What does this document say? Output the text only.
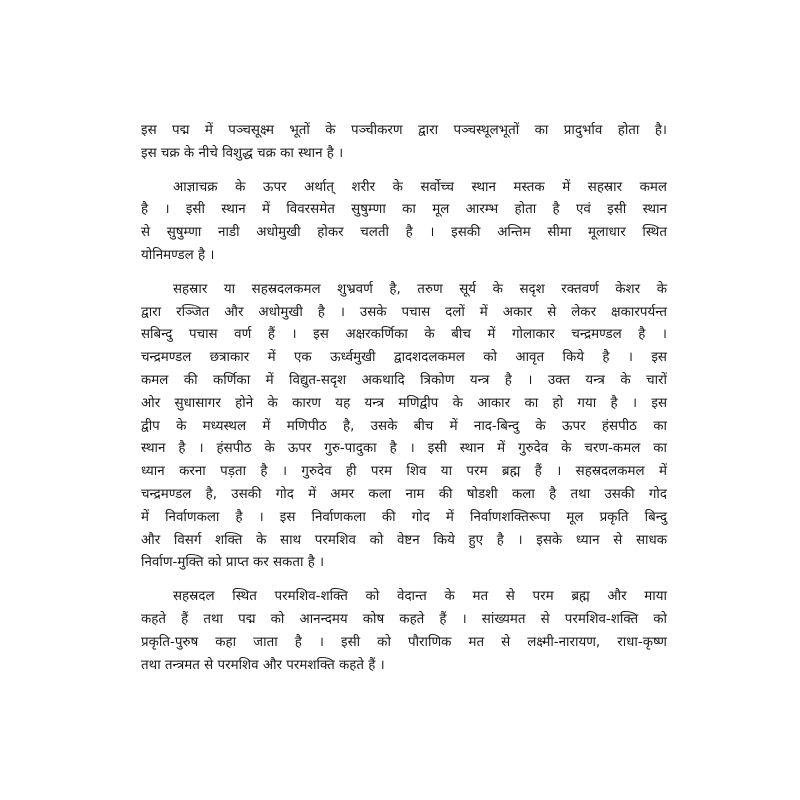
इस पद्म में पञ्चसूक्ष्म भूतों के पञ्चीकरण द्वारा पञ्चस्थूलभूतों का प्रादुर्भाव होता है।
इस चक्र के नीचे विशुद्ध चक्र का स्थान है ।

आज्ञाचक्र के ऊपर अर्थात् शरीर के सर्वोच्च स्थान मस्तक में सहस्रार कमल
है । इसी स्थान में विवरसमेत सुषुम्णा का मूल आरम्भ होता है एवं इसी स्थान
से सुषुम्णा नाडी अधोमुखी होकर चलती है । इसकी अन्तिम सीमा मूलाधार स्थित
योनिमण्डल है ।

सहस्रार या सहस्रदलकमल शुभ्रवर्ण है, तरुण सूर्य के सदृश रक्तवर्ण केशर के
द्वारा रञ्जित और अधोमुखी है । उसके पचास दलों में अकार से लेकर क्षकारपर्यन्त
सबिन्दु पचास वर्ण हैं । इस अक्षरकर्णिका के बीच में गोलाकार चन्द्रमण्डल है ।
चन्द्रमण्डल छत्राकार में एक ऊर्ध्वमुखी द्वादशदलकमल को आवृत किये है । इस
कमल की कर्णिका में विद्युत-सदृश अकथादि त्रिकोण यन्त्र है । उक्त यन्त्र के चारों
ओर सुधासागर होने के कारण यह यन्त्र मणिद्वीप के आकार का हो गया है । इस
द्वीप के मध्यस्थल में मणिपीठ है, उसके बीच में नाद-बिन्दु के ऊपर हंसपीठ का
स्थान है । हंसपीठ के ऊपर गुरु-पादुका है । इसी स्थान में गुरुदेव के चरण-कमल का
ध्यान करना पड़ता है । गुरुदेव ही परम शिव या परम ब्रह्म हैं । सहस्रदलकमल में
चन्द्रमण्डल है, उसकी गोद में अमर कला नाम की षोडशी कला है तथा उसकी गोद
में निर्वाणकला है । इस निर्वाणकला की गोद में निर्वाणशक्तिरूपा मूल प्रकृति बिन्दु
और विसर्ग शक्ति के साथ परमशिव को वेष्टन किये हुए है । इसके ध्यान से साधक
निर्वाण-मुक्ति को प्राप्त कर सकता है ।

सहस्रदल स्थित परमशिव-शक्ति को वेदान्त के मत से परम ब्रह्म और माया
कहते हैं तथा पद्म को आनन्दमय कोष कहते हैं । सांख्यमत से परमशिव-शक्ति को
प्रकृति-पुरुष कहा जाता है । इसी को पौराणिक मत से लक्ष्मी-नारायण, राधा-कृष्ण
तथा तन्त्रमत से परमशिव और परमशक्ति कहते हैं ।
